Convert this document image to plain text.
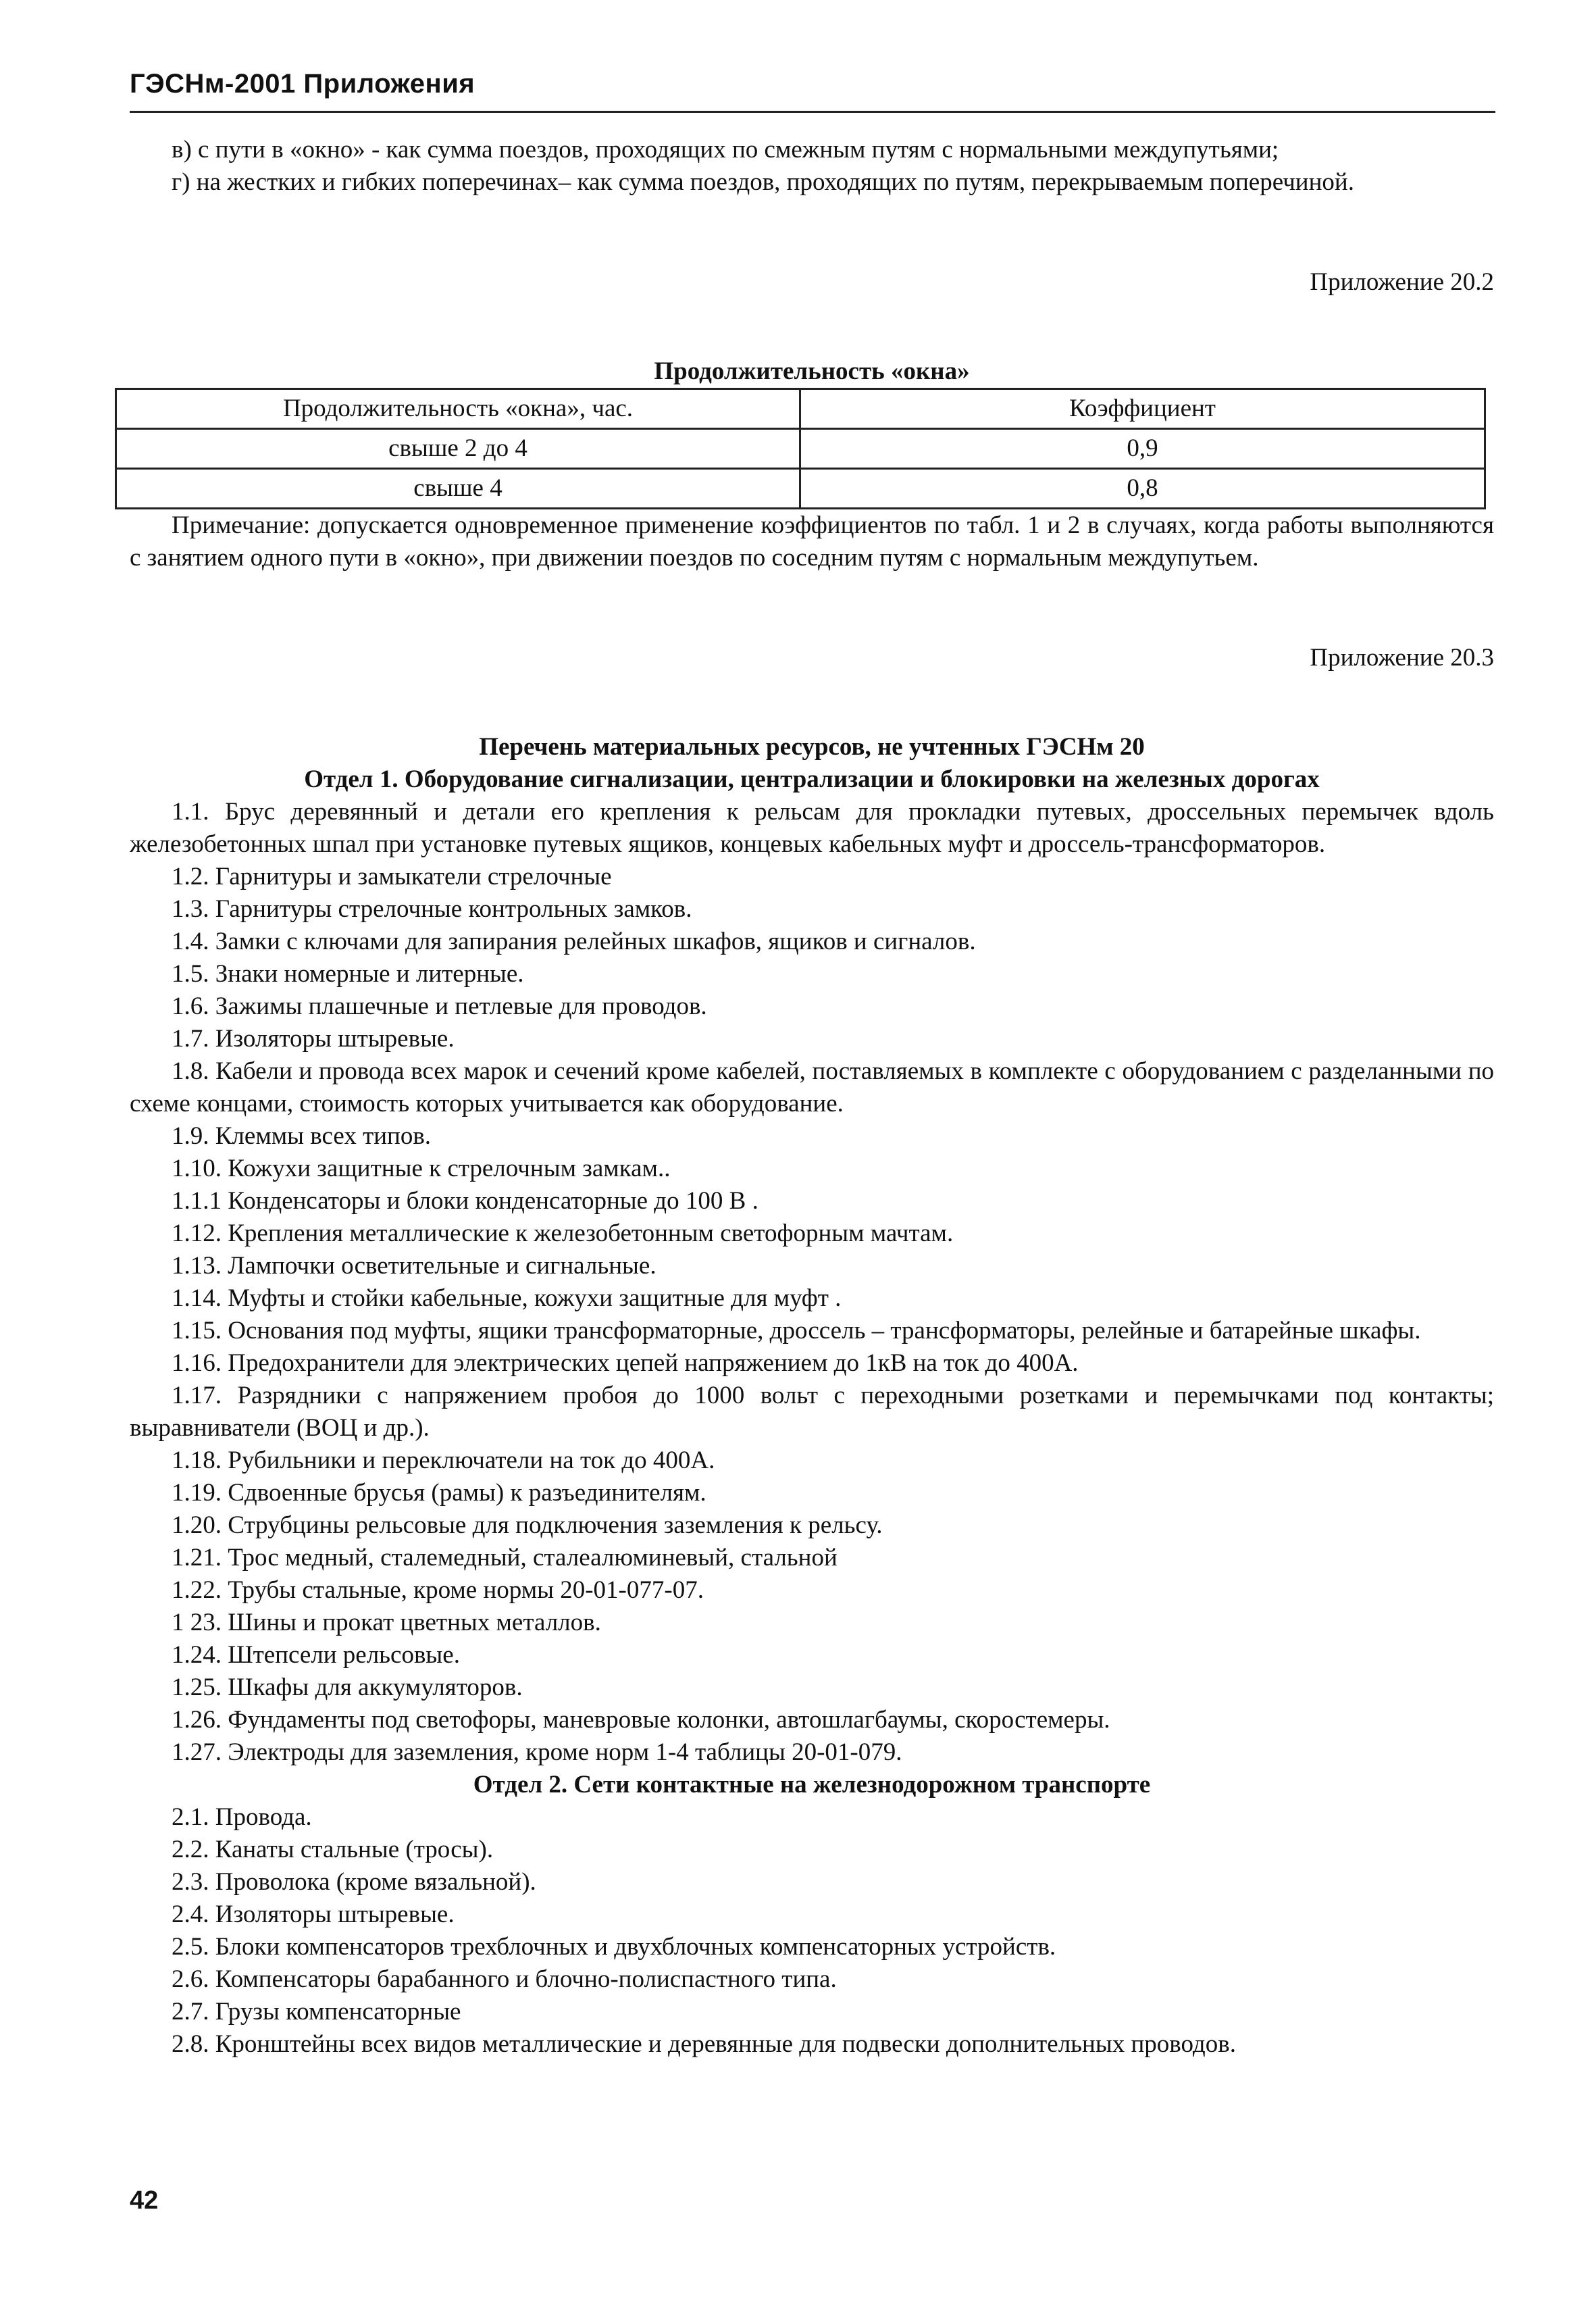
ГЭСНм-2001 Приложения

в) с пути в «окно» - как сумма поездов, проходящих по смежным путям с нормальными междупутьями;

г) на жестких и гибких поперечинах– как сумма поездов, проходящих по путям, перекрываемым поперечиной.

Приложение 20.2

Продолжительность «окна»

Продолжительность «окна», час.	Коэффициент
свыше 2 до 4	0,9
свыше 4	0,8

Примечание: допускается одновременное применение коэффициентов по табл. 1 и 2 в случаях, когда работы выполняются с занятием одного пути в «окно», при движении поездов по соседним путям с нормальным междупутьем.

Приложение 20.3

Перечень материальных ресурсов, не учтенных ГЭСНм 20

Отдел 1. Оборудование сигнализации, централизации и блокировки на железных дорогах

1.1. Брус деревянный и детали его крепления к рельсам для прокладки путевых, дроссельных перемычек вдоль железобетонных шпал при установке путевых ящиков, концевых кабельных муфт и дроссель-трансформаторов.

1.2. Гарнитуры и замыкатели стрелочные

1.3. Гарнитуры стрелочные контрольных замков.

1.4. Замки с ключами для запирания релейных шкафов, ящиков и сигналов.

1.5. Знаки номерные и литерные.

1.6. Зажимы плашечные и петлевые для проводов.

1.7. Изоляторы штыревые.

1.8. Кабели и провода всех марок и сечений кроме кабелей, поставляемых в комплекте с оборудованием с разделанными по схеме концами, стоимость которых учитывается как оборудование.

1.9. Клеммы всех типов.

1.10. Кожухи защитные к стрелочным замкам..

1.1.1 Конденсаторы и блоки конденсаторные до 100 В .

1.12. Крепления металлические к железобетонным светофорным мачтам.

1.13. Лампочки осветительные и сигнальные.

1.14. Муфты и стойки кабельные, кожухи защитные для муфт .

1.15. Основания под муфты, ящики трансформаторные, дроссель – трансформаторы, релейные и батарейные шкафы.

1.16. Предохранители для электрических цепей напряжением до 1кВ на ток до 400А.

1.17. Разрядники с напряжением пробоя до 1000 вольт с переходными розетками и перемычками под контакты; выравниватели (ВОЦ и др.).

1.18. Рубильники и переключатели на ток до 400А.

1.19. Сдвоенные брусья (рамы) к разъединителям.

1.20. Струбцины рельсовые для подключения заземления к рельсу.

1.21. Трос медный, сталемедный, сталеалюминевый, стальной

1.22. Трубы стальные, кроме нормы 20-01-077-07.

1 23. Шины и прокат цветных металлов.

1.24. Штепсели рельсовые.

1.25. Шкафы для аккумуляторов.

1.26. Фундаменты под светофоры, маневровые колонки, автошлагбаумы, скоростемеры.

1.27. Электроды для заземления, кроме норм 1-4 таблицы 20-01-079.

Отдел 2. Сети контактные на железнодорожном транспорте

2.1. Провода.

2.2. Канаты стальные (тросы).

2.3. Проволока (кроме вязальной).

2.4. Изоляторы штыревые.

2.5. Блоки компенсаторов трехблочных и двухблочных компенсаторных устройств.

2.6. Компенсаторы барабанного и блочно-полиспастного типа.

2.7. Грузы компенсаторные

2.8. Кронштейны всех видов металлические и деревянные для подвески дополнительных проводов.

42
